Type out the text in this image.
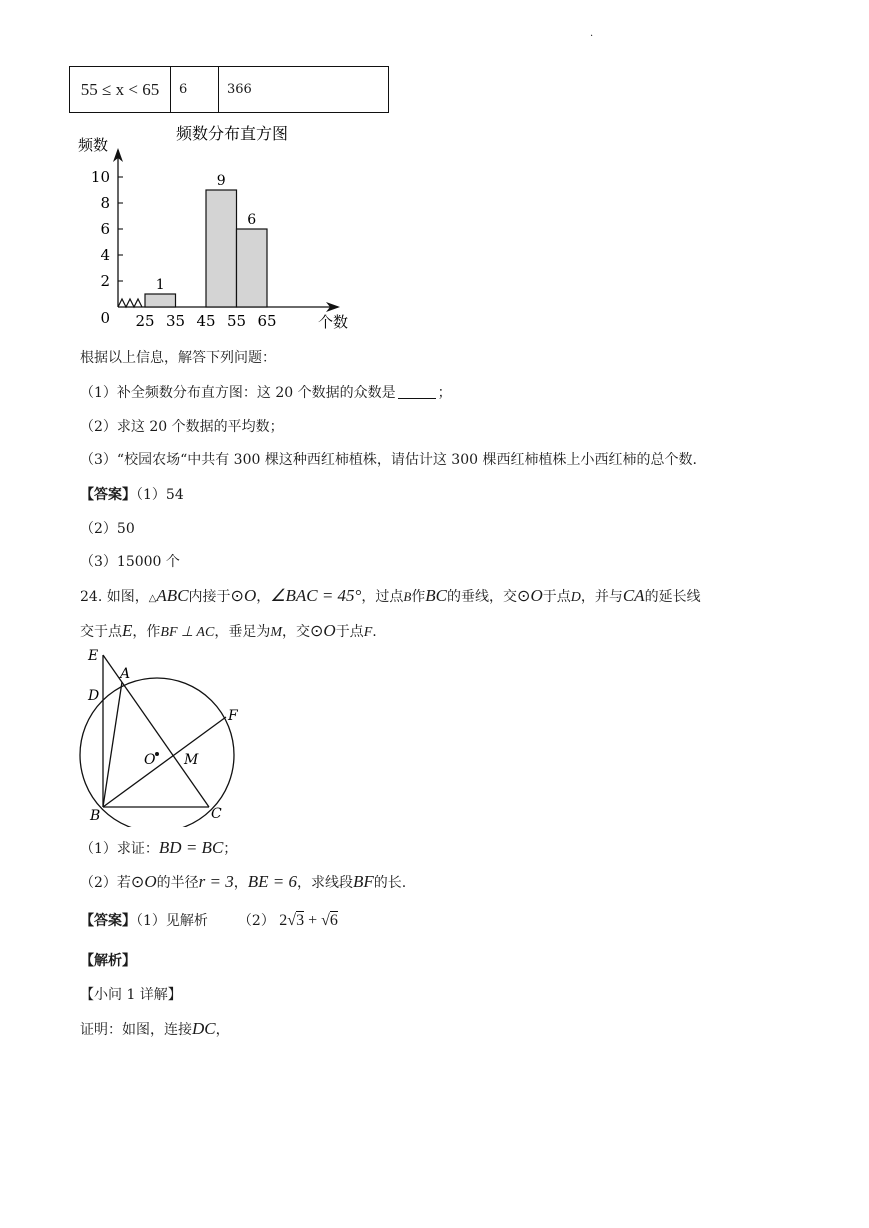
.
55 ≤ x < 65	6	366
频数分布直方图
频数
个数
1
9
6
0
2
4
6
8
10
25 35 45 55 65
根据以上信息，解答下列问题：
（1）补全频数分布直方图：这 20 个数据的众数是	；
（2）求这 20 个数据的平均数；
（3）“校园农场“中共有 300 棵这种西红柿植株，请估计这 300 棵西红柿植株上小西红柿的总个数.
【答案】（1）54
（2）50
（3）15000 个
24. 如图，△ABC内接于⊙O，∠BAC = 45°，过点B作BC的垂线，交⊙O于点D，并与CA的延长线
交于点E，作BF ⊥ AC，垂足为M，交⊙O于点F.
E
D
A
F
O M
B	C
（1）求证：BD = BC；
（2）若⊙O的半径r = 3，BE = 6，求线段BF的长.
【答案】（1）见解析 （2） 2√3 + √6
【解析】
【小问 1 详解】
证明：如图，连接DC，
